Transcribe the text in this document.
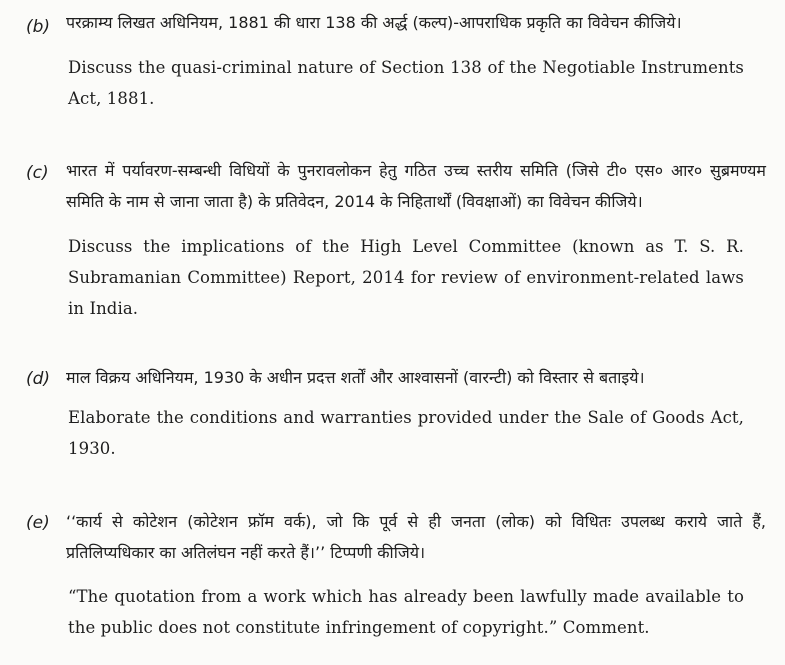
(b) परक्राम्य लिखत अधिनियम, 1881 की धारा 138 की अर्द्ध (कल्प)-आपराधिक प्रकृति का विवेचन कीजिये।
Discuss the quasi-criminal nature of Section 138 of the Negotiable Instruments Act, 1881.
(c) भारत में पर्यावरण-सम्बन्धी विधियों के पुनरावलोकन हेतु गठित उच्च स्तरीय समिति (जिसे टी० एस० आर० सुब्रमण्यम समिति के नाम से जाना जाता है) के प्रतिवेदन, 2014 के निहितार्थों (विवक्षाओं) का विवेचन कीजिये।
Discuss the implications of the High Level Committee (known as T. S. R. Subramanian Committee) Report, 2014 for review of environment-related laws in India.
(d) माल विक्रय अधिनियम, 1930 के अधीन प्रदत्त शर्तों और आश्वासनों (वारन्टी) को विस्तार से बताइये।
Elaborate the conditions and warranties provided under the Sale of Goods Act, 1930.
(e) ‘‘कार्य से कोटेशन (कोटेशन फ्रॉम वर्क), जो कि पूर्व से ही जनता (लोक) को विधितः उपलब्ध कराये जाते हैं, प्रतिलिप्यधिकार का अतिलंघन नहीं करते हैं।’’ टिप्पणी कीजिये।
“The quotation from a work which has already been lawfully made available to the public does not constitute infringement of copyright.” Comment.
